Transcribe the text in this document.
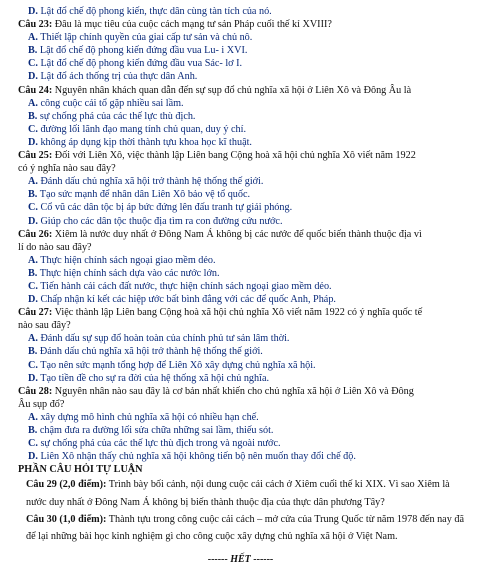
D. Lật đổ chế độ phong kiến, thực dân cùng tàn tích của nó.
Câu 23: Đâu là mục tiêu của cuộc cách mạng tư sản Pháp cuối thế kỉ XVIII?
A. Thiết lập chính quyền của giai cấp tư sản và chủ nô.
B. Lật đổ chế độ phong kiến đứng đầu vua Lu- i XVI.
C. Lật đổ chế độ phong kiến đứng đầu vua Sác- lơ I.
D. Lật đổ ách thống trị của thực dân Anh.
Câu 24: Nguyên nhân khách quan dẫn đến sự sụp đổ chủ nghĩa xã hội ở Liên Xô và Đông Âu là
A. công cuộc cải tổ gặp nhiều sai lầm.
B. sự chống phá của các thế lực thù địch.
C. đường lối lãnh đạo mang tính chủ quan, duy ý chí.
D. không áp dụng kịp thời thành tựu khoa học kĩ thuật.
Câu 25: Đối với Liên Xô, việc thành lập Liên bang Cộng hoà xã hội chủ nghĩa Xô viết năm 1922
có ý nghĩa nào sau đây?
A. Đánh dấu chủ nghĩa xã hội trở thành hệ thống thế giới.
B. Tạo sức mạnh để nhân dân Liên Xô bảo vệ tổ quốc.
C. Cổ vũ các dân tộc bị áp bức đứng lên đấu tranh tự giải phóng.
D. Giúp cho các dân tộc thuộc địa tìm ra con đường cứu nước.
Câu 26: Xiêm là nước duy nhất ở Đông Nam Á không bị các nước để quốc biến thành thuộc địa vì
lí do nào sau đây?
A. Thực hiện chính sách ngoại giao mềm dẻo.
B. Thực hiện chính sách dựa vào các nước lớn.
C. Tiến hành cải cách đất nước, thực hiện chính sách ngoại giao mềm dẻo.
D. Chấp nhận kí kết các hiệp ước bất bình đẳng với các để quốc Anh, Pháp.
Câu 27: Việc thành lập Liên bang Cộng hoà xã hội chủ nghĩa Xô viết năm 1922 có ý nghĩa quốc tế
nào sau đây?
A. Đánh dấu sự sụp đổ hoàn toàn của chính phủ tư sản lâm thời.
B. Đánh dấu chủ nghĩa xã hội trở thành hệ thống thế giới.
C. Tạo nên sức mạnh tổng hợp để Liên Xô xây dựng chủ nghĩa xã hội.
D. Tạo tiền đề cho sự ra đời của hệ thống xã hội chủ nghĩa.
Câu 28: Nguyên nhân nào sau đây là cơ bản nhất khiến cho chủ nghĩa xã hội ở Liên Xô và Đông
Âu sụp đổ?
A. xây dựng mô hình chủ nghĩa xã hội có nhiều hạn chế.
B. chậm đưa ra đường lối sửa chữa những sai lầm, thiếu sót.
C. sự chống phá của các thế lực thù địch trong và ngoài nước.
D. Liên Xô nhận thấy chủ nghĩa xã hội không tiến bộ nên muốn thay đổi chế độ.
PHẦN CÂU HỎI TỰ LUẬN
Câu 29 (2,0 điểm): Trình bày bối cảnh, nội dung cuộc cải cách ở Xiêm cuối thế kỉ XIX. Vì sao Xiêm là nước duy nhất ở Đông Nam Á không bị biến thành thuộc địa của thực dân phương Tây?
Câu 30 (1,0 điểm): Thành tựu trong công cuộc cải cách – mở cửa của Trung Quốc từ năm 1978 đến nay đã để lại những bài học kinh nghiệm gì cho công cuộc xây dựng chủ nghĩa xã hội ở Việt Nam.
------ HẾT ------
